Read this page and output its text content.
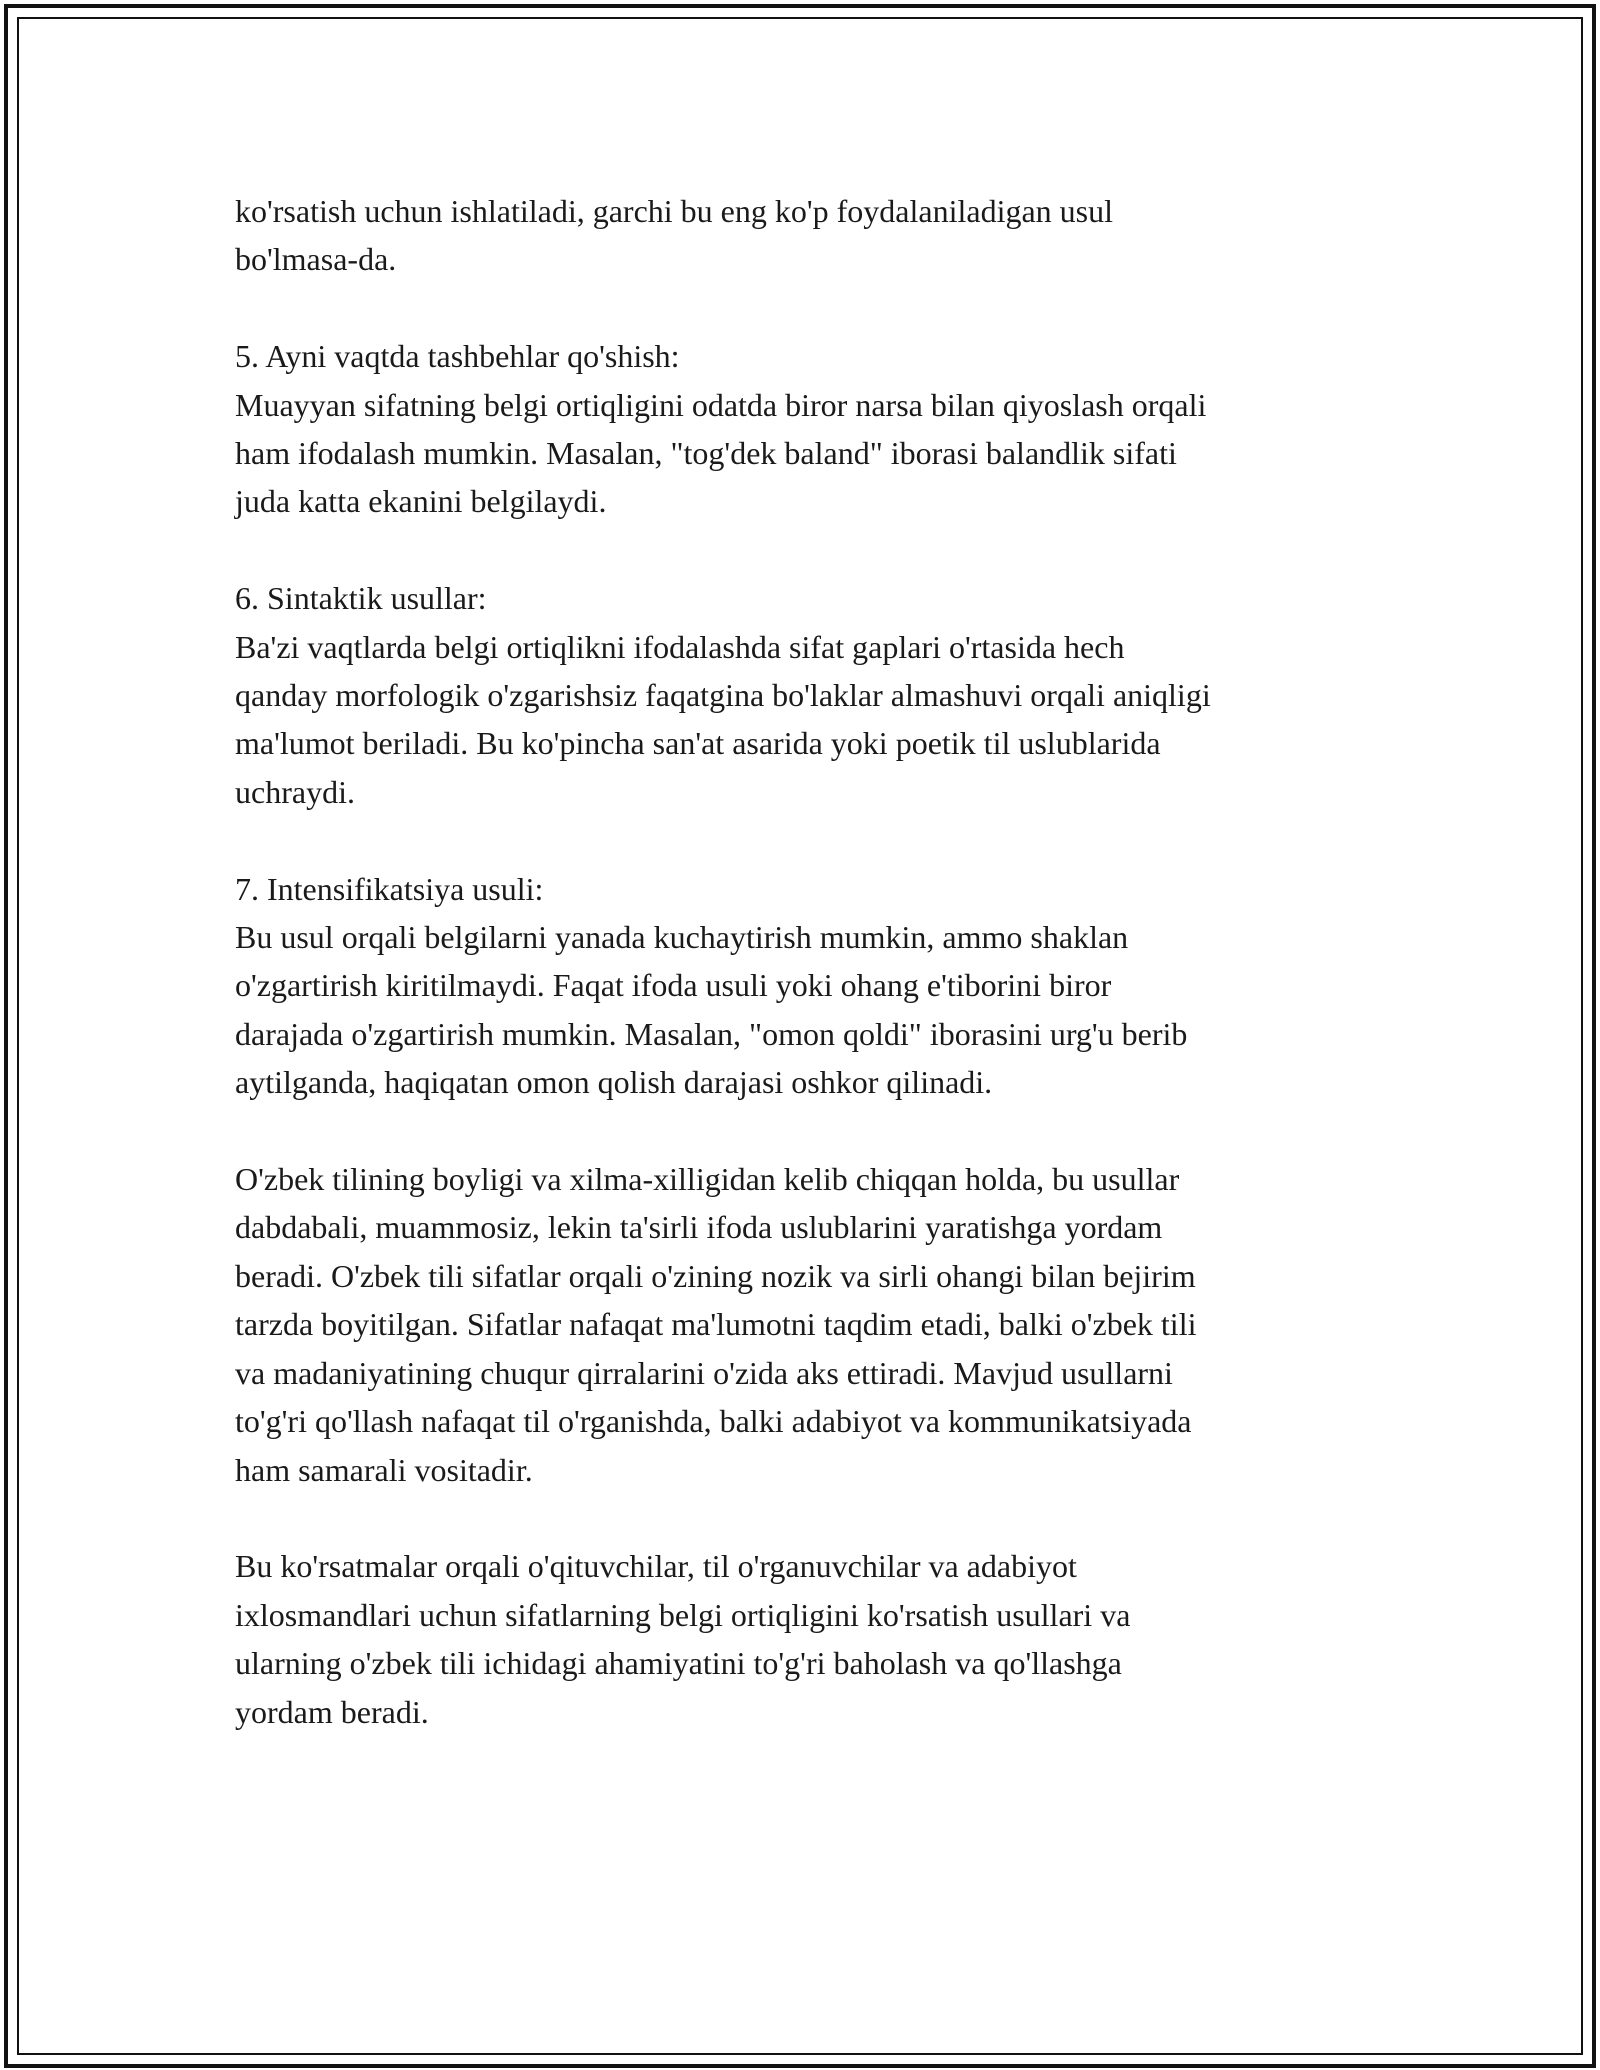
ko'rsatish uchun ishlatiladi, garchi bu eng ko'p foydalaniladigan usul
bo'lmasa-da.
5. Ayni vaqtda tashbehlar qo'shish:
Muayyan sifatning belgi ortiqligini odatda biror narsa bilan qiyoslash orqali
ham ifodalash mumkin. Masalan, "tog'dek baland" iborasi balandlik sifati
juda katta ekanini belgilaydi.
6. Sintaktik usullar:
Ba'zi vaqtlarda belgi ortiqlikni ifodalashda sifat gaplari o'rtasida hech
qanday morfologik o'zgarishsiz faqatgina bo'laklar almashuvi orqali aniqligi
ma'lumot beriladi. Bu ko'pincha san'at asarida yoki poetik til uslublarida
uchraydi.
7. Intensifikatsiya usuli:
Bu usul orqali belgilarni yanada kuchaytirish mumkin, ammo shaklan
o'zgartirish kiritilmaydi. Faqat ifoda usuli yoki ohang e'tiborini biror
darajada o'zgartirish mumkin. Masalan, "omon qoldi" iborasini urg'u berib
aytilganda, haqiqatan omon qolish darajasi oshkor qilinadi.
O'zbek tilining boyligi va xilma-xilligidan kelib chiqqan holda, bu usullar
dabdabali, muammosiz, lekin ta'sirli ifoda uslublarini yaratishga yordam
beradi. O'zbek tili sifatlar orqali o'zining nozik va sirli ohangi bilan bejirim
tarzda boyitilgan. Sifatlar nafaqat ma'lumotni taqdim etadi, balki o'zbek tili
va madaniyatining chuqur qirralarini o'zida aks ettiradi. Mavjud usullarni
to'g'ri qo'llash nafaqat til o'rganishda, balki adabiyot va kommunikatsiyada
ham samarali vositadir.
Bu ko'rsatmalar orqali o'qituvchilar, til o'rganuvchilar va adabiyot
ixlosmandlari uchun sifatlarning belgi ortiqligini ko'rsatish usullari va
ularning o'zbek tili ichidagi ahamiyatini to'g'ri baholash va qo'llashga
yordam beradi.
